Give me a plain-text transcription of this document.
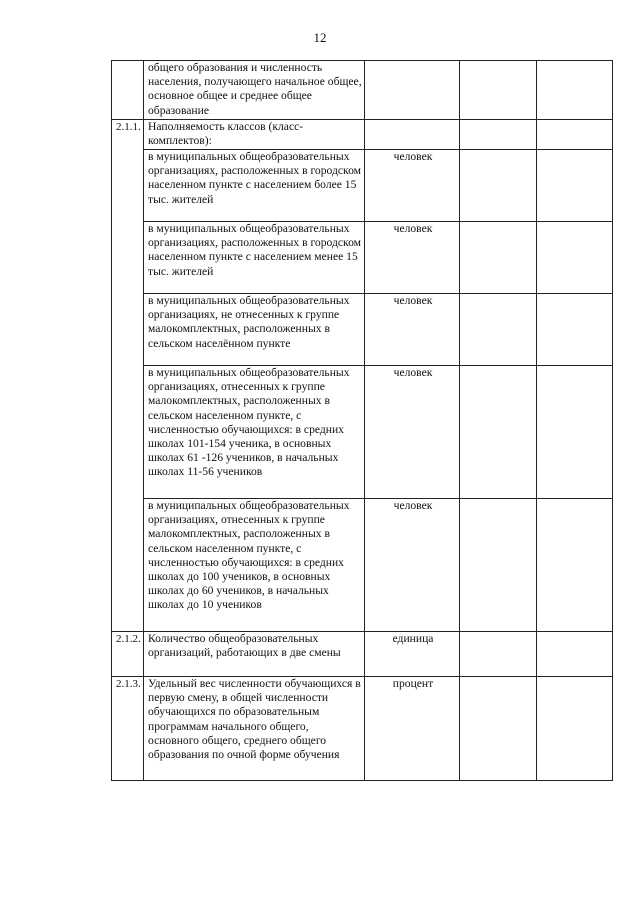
12
	общего образования и численность населения, получающего начальное общее, основное общее и среднее общее образование			
2.1.1.	Наполняемость классов (класс-комплектов):			
	в муниципальных общеобразовательных организациях, расположенных в городском населенном пункте с населением более 15 тыс. жителей	человек		
	в муниципальных общеобразовательных организациях, расположенных в городском населенном пункте с населением менее 15 тыс. жителей	человек		
	в муниципальных общеобразовательных организациях, не отнесенных к группе малокомплектных, расположенных в сельском населённом пункте	человек		
	в муниципальных общеобразовательных организациях, отнесенных к группе малокомплектных, расположенных в сельском населенном пункте, с численностью обучающихся: в средних школах 101-154 ученика, в основных школах 61 -126 учеников, в начальных школах 11-56 учеников	человек		
	в муниципальных общеобразовательных организациях, отнесенных к группе малокомплектных, расположенных в сельском населенном пункте, с численностью обучающихся: в средних школах до 100 учеников, в основных школах до 60 учеников, в начальных школах до 10 учеников	человек		
2.1.2.	Количество общеобразовательных организаций, работающих в две смены	единица		
2.1.3.	Удельный вес численности обучающихся в первую смену, в общей численности обучающихся по образовательным программам начального общего, основного общего, среднего общего образования по очной форме обучения	процент		
